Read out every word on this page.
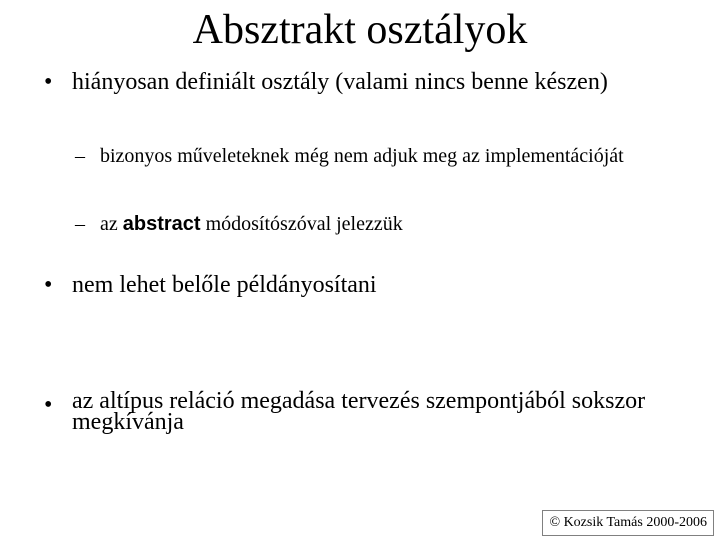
Absztrakt osztályok
• hiányosan definiált osztály (valami nincs benne készen)
– bizonyos műveleteknek még nem adjuk meg az implementációját
– az abstract módosítószóval jelezzük
• nem lehet belőle példányosítani
• az altípus reláció megadása tervezés szempontjából sokszor megkívánja
© Kozsik Tamás 2000-2006
